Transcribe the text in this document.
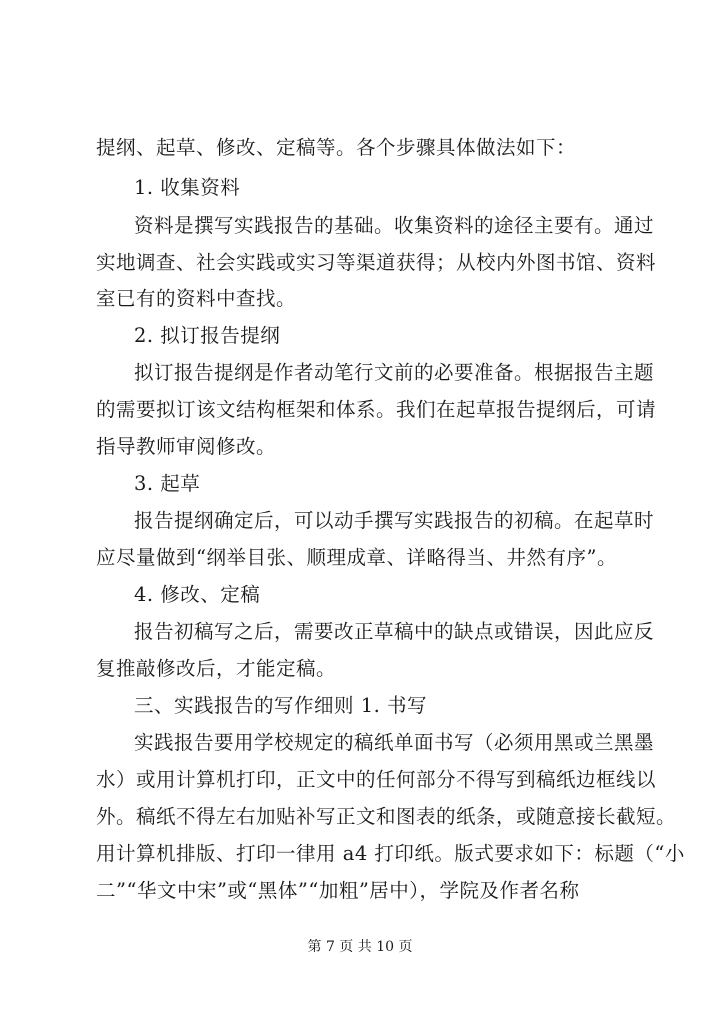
提纲、起草、修改、定稿等。各个步骤具体做法如下：
1. 收集资料
资料是撰写实践报告的基础。收集资料的途径主要有。通过
实地调查、社会实践或实习等渠道获得；从校内外图书馆、资料
室已有的资料中查找。
2. 拟订报告提纲
拟订报告提纲是作者动笔行文前的必要准备。根据报告主题
的需要拟订该文结构框架和体系。我们在起草报告提纲后，可请
指导教师审阅修改。
3. 起草
报告提纲确定后，可以动手撰写实践报告的初稿。在起草时
应尽量做到“纲举目张、顺理成章、详略得当、井然有序”。
4. 修改、定稿
报告初稿写之后，需要改正草稿中的缺点或错误，因此应反
复推敲修改后，才能定稿。
三、实践报告的写作细则 1. 书写
实践报告要用学校规定的稿纸单面书写（必须用黑或兰黑墨
水）或用计算机打印，正文中的任何部分不得写到稿纸边框线以
外。稿纸不得左右加贴补写正文和图表的纸条，或随意接长截短。
用计算机排版、打印一律用 a4 打印纸。版式要求如下：标题（“小
二”“华文中宋”或“黑体”“加粗”居中），学院及作者名称
第 7 页 共 10 页
